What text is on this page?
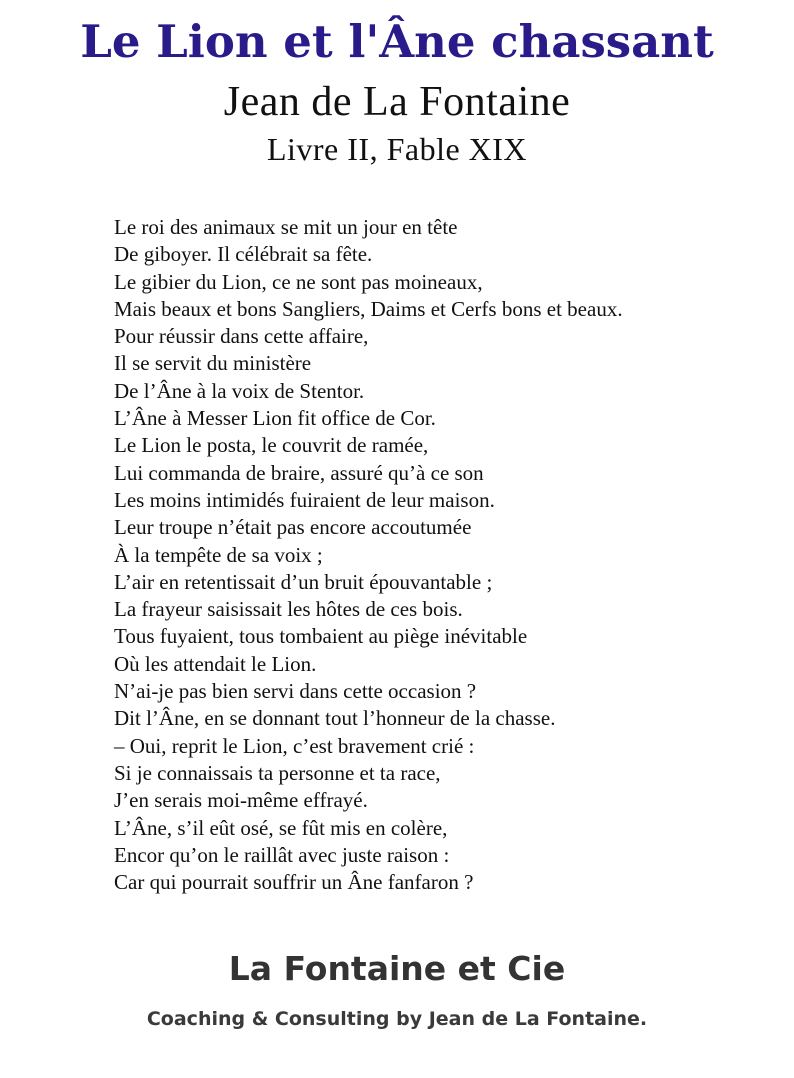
Le Lion et l'Âne chassant
Jean de La Fontaine
Livre II, Fable XIX
Le roi des animaux se mit un jour en tête
De giboyer. Il célébrait sa fête.
Le gibier du Lion, ce ne sont pas moineaux,
Mais beaux et bons Sangliers, Daims et Cerfs bons et beaux.
Pour réussir dans cette affaire,
Il se servit du ministère
De l’Âne à la voix de Stentor.
L’Âne à Messer Lion fit office de Cor.
Le Lion le posta, le couvrit de ramée,
Lui commanda de braire, assuré qu’à ce son
Les moins intimidés fuiraient de leur maison.
Leur troupe n’était pas encore accoutumée
À la tempête de sa voix ;
L’air en retentissait d’un bruit épouvantable ;
La frayeur saisissait les hôtes de ces bois.
Tous fuyaient, tous tombaient au piège inévitable
Où les attendait le Lion.
N’ai-je pas bien servi dans cette occasion ?
Dit l’Âne, en se donnant tout l’honneur de la chasse.
– Oui, reprit le Lion, c’est bravement crié :
Si je connaissais ta personne et ta race,
J’en serais moi-même effrayé.
L’Âne, s’il eût osé, se fût mis en colère,
Encor qu’on le raillât avec juste raison :
Car qui pourrait souffrir un Âne fanfaron ?
La Fontaine et Cie
Coaching & Consulting by Jean de La Fontaine.
